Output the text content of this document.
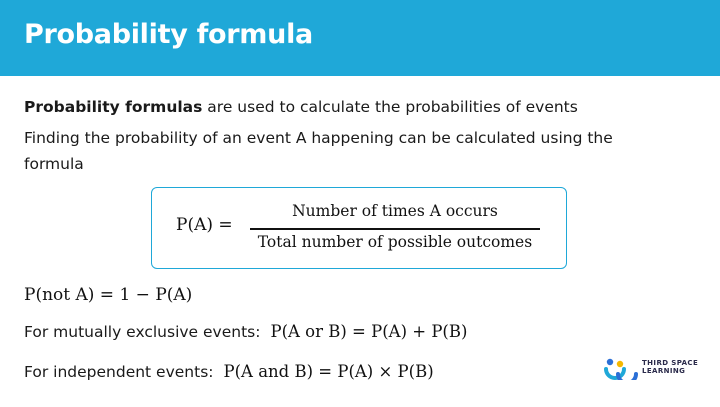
Probability formula
Probability formulas are used to calculate the probabilities of events
Finding the probability of an event A happening can be calculated using the
formula
P(A) =
Number of times A occurs
Total number of possible outcomes
P(not A) = 1 − P(A)
For mutually exclusive events: P(A or B) = P(A) + P(B)
For independent events: P(A and B) = P(A) × P(B)	THIRD SPACE
LEARNING
